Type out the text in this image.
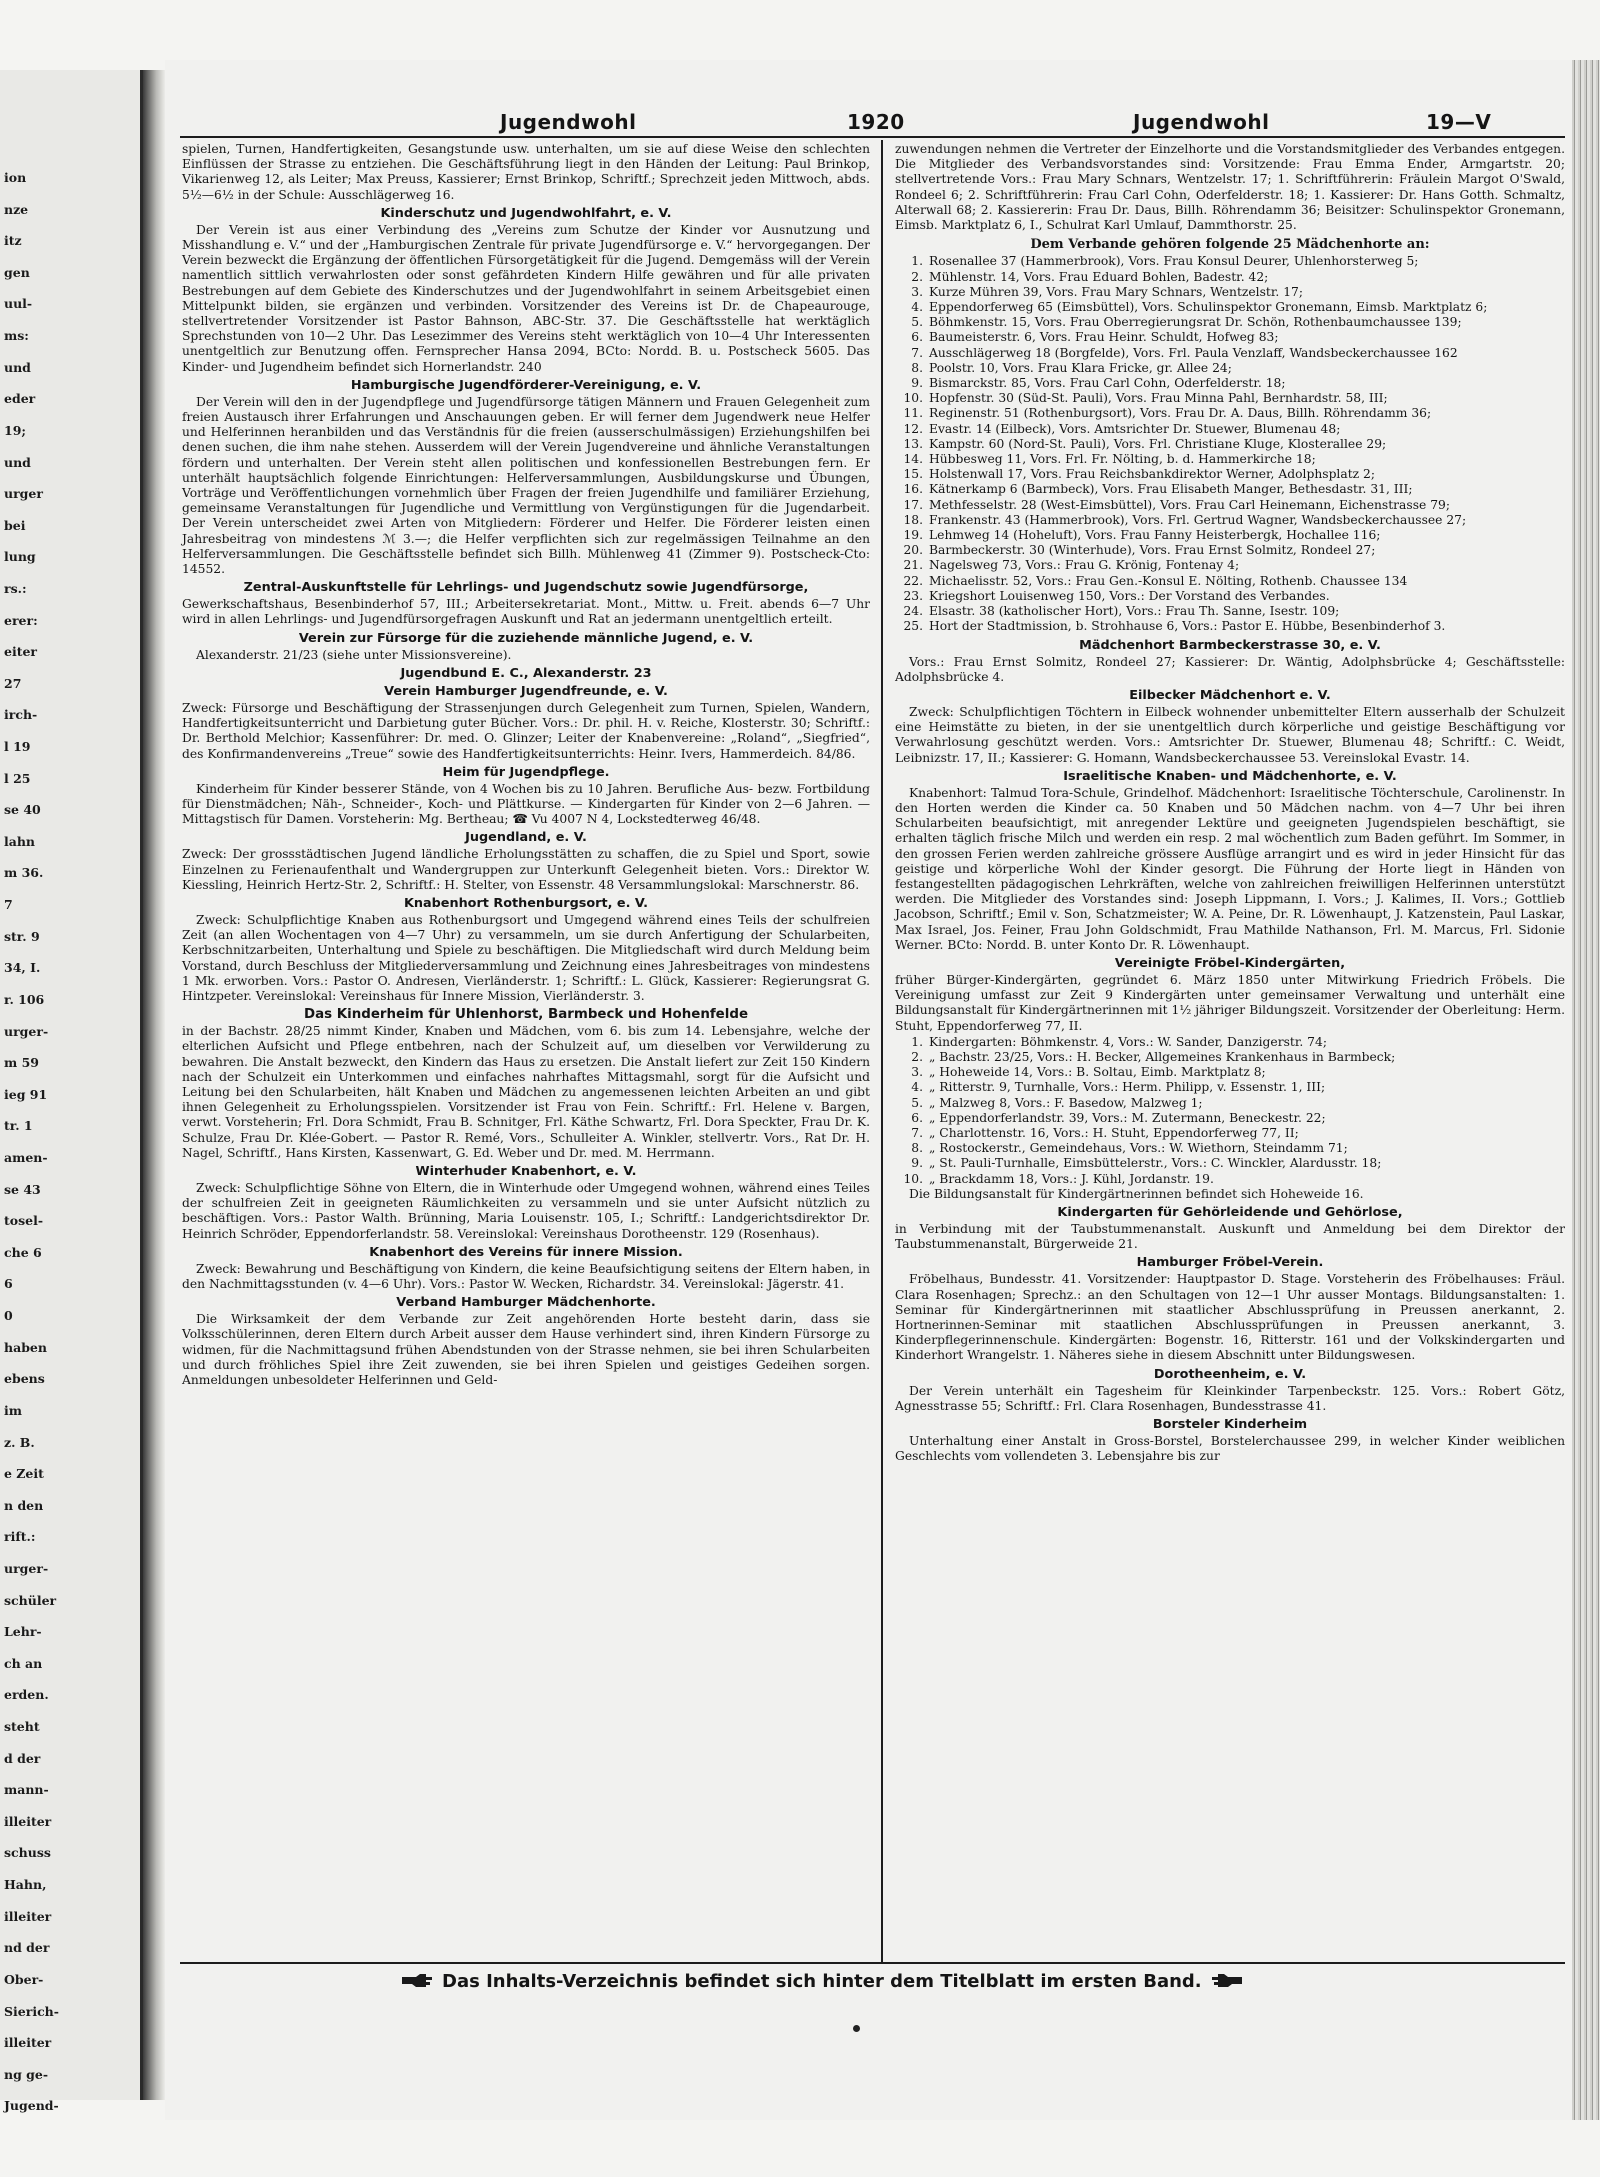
ion
nze
itz
gen
uul-
ms:
und
eder
19;
und
urger
bei
lung
rs.:
erer:
eiter
27
irch-
l 19
l 25
se 40
lahn
m 36.
7
str. 9
34, I.
r. 106
urger-
m 59
ieg 91
tr. 1
amen-
se 43
tosel-
che 6
6
0
haben
ebens
im
z. B.
e Zeit
n den
rift.:
urger-
schüler
Lehr-
ch an
erden.
steht
d der
mann-
illeiter
schuss
Hahn,
illeiter
nd der
Ober-
Sierich-
illeiter
ng ge-
Jugend-
Jugendwohl	1920	Jugendwohl	19—V

spielen, Turnen, Handfertigkeiten, Gesangstunde usw. unterhalten, um sie auf diese Weise den schlechten Einflüssen der Strasse zu entziehen. Die Geschäftsführung liegt in den Händen der Leitung: Paul Brinkop, Vikarienweg 12, als Leiter; Max Preuss, Kassierer; Ernst Brinkop, Schriftf.; Sprechzeit jeden Mittwoch, abds. 5½—6½ in der Schule: Ausschlägerweg 16.

Kinderschutz und Jugendwohlfahrt, e. V.

Der Verein ist aus einer Verbindung des „Vereins zum Schutze der Kinder vor Ausnutzung und Misshandlung e. V.“ und der „Hamburgischen Zentrale für private Jugendfürsorge e. V.“ hervorgegangen. Der Verein bezweckt die Ergänzung der öffentlichen Fürsorgetätigkeit für die Jugend. Demgemäss will der Verein namentlich sittlich verwahrlosten oder sonst gefährdeten Kindern Hilfe gewähren und für alle privaten Bestrebungen auf dem Gebiete des Kinderschutzes und der Jugendwohlfahrt in seinem Arbeitsgebiet einen Mittelpunkt bilden, sie ergänzen und verbinden. Vorsitzender des Vereins ist Dr. de Chapeaurouge, stellvertretender Vorsitzender ist Pastor Bahnson, ABC-Str. 37. Die Geschäftsstelle hat werktäglich Sprechstunden von 10—2 Uhr. Das Lesezimmer des Vereins steht werktäglich von 10—4 Uhr Interessenten unentgeltlich zur Benutzung offen. Fernsprecher Hansa 2094, BCto: Nordd. B. u. Postscheck 5605. Das Kinder- und Jugendheim befindet sich Hornerlandstr. 240

Hamburgische Jugendförderer-Vereinigung, e. V.

Der Verein will den in der Jugendpflege und Jugendfürsorge tätigen Männern und Frauen Gelegenheit zum freien Austausch ihrer Erfahrungen und Anschauungen geben. Er will ferner dem Jugendwerk neue Helfer und Helferinnen heranbilden und das Verständnis für die freien (ausserschulmässigen) Erziehungshilfen bei denen suchen, die ihm nahe stehen. Ausserdem will der Verein Jugendvereine und ähnliche Veranstaltungen fördern und unterhalten. Der Verein steht allen politischen und konfessionellen Bestrebungen fern. Er unterhält hauptsächlich folgende Einrichtungen: Helferversammlungen, Ausbildungskurse und Übungen, Vorträge und Veröffentlichungen vornehmlich über Fragen der freien Jugendhilfe und familiärer Erziehung, gemeinsame Veranstaltungen für Jugendliche und Vermittlung von Vergünstigungen für die Jugendarbeit. Der Verein unterscheidet zwei Arten von Mitgliedern: Förderer und Helfer. Die Förderer leisten einen Jahresbeitrag von mindestens ℳ 3.—; die Helfer verpflichten sich zur regelmässigen Teilnahme an den Helferversammlungen. Die Geschäftsstelle befindet sich Billh. Mühlenweg 41 (Zimmer 9). Postscheck-Cto: 14552.

Zentral-Auskunftstelle für Lehrlings- und Jugendschutz sowie Jugendfürsorge,

Gewerkschaftshaus, Besenbinderhof 57, III.; Arbeitersekretariat. Mont., Mittw. u. Freit. abends 6—7 Uhr wird in allen Lehrlings- und Jugendfürsorgefragen Auskunft und Rat an jedermann unentgeltlich erteilt.

Verein zur Fürsorge für die zuziehende männliche Jugend, e. V.

Alexanderstr. 21/23 (siehe unter Missionsvereine).

Jugendbund E. C., Alexanderstr. 23
Verein Hamburger Jugendfreunde, e. V.

Zweck: Fürsorge und Beschäftigung der Strassenjungen durch Gelegenheit zum Turnen, Spielen, Wandern, Handfertigkeitsunterricht und Darbietung guter Bücher. Vors.: Dr. phil. H. v. Reiche, Klosterstr. 30; Schriftf.: Dr. Berthold Melchior; Kassenführer: Dr. med. O. Glinzer; Leiter der Knabenvereine: „Roland“, „Siegfried“, des Konfirmandenvereins „Treue“ sowie des Handfertigkeitsunterrichts: Heinr. Ivers, Hammerdeich. 84/86.

Heim für Jugendpflege.

Kinderheim für Kinder besserer Stände, von 4 Wochen bis zu 10 Jahren. Berufliche Aus- bezw. Fortbildung für Dienstmädchen; Näh-, Schneider-, Koch- und Plättkurse. — Kindergarten für Kinder von 2—6 Jahren. — Mittagstisch für Damen. Vorsteherin: Mg. Bertheau; ☎ Vu 4007 N 4, Lockstedterweg 46/48.

Jugendland, e. V.

Zweck: Der grossstädtischen Jugend ländliche Erholungsstätten zu schaffen, die zu Spiel und Sport, sowie Einzelnen zu Ferienaufenthalt und Wandergruppen zur Unterkunft Gelegenheit bieten. Vors.: Direktor W. Kiessling, Heinrich Hertz-Str. 2, Schriftf.: H. Stelter, von Essenstr. 48 Versammlungslokal: Marschnerstr. 86.

Knabenhort Rothenburgsort, e. V.

Zweck: Schulpflichtige Knaben aus Rothenburgsort und Umgegend während eines Teils der schulfreien Zeit (an allen Wochentagen von 4—7 Uhr) zu versammeln, um sie durch Anfertigung der Schularbeiten, Kerbschnitzarbeiten, Unterhaltung und Spiele zu beschäftigen. Die Mitgliedschaft wird durch Meldung beim Vorstand, durch Beschluss der Mitgliederversammlung und Zeichnung eines Jahresbeitrages von mindestens 1 Mk. erworben. Vors.: Pastor O. Andresen, Vierländerstr. 1; Schriftf.: L. Glück, Kassierer: Regierungsrat G. Hintzpeter. Vereinslokal: Vereinshaus für Innere Mission, Vierländerstr. 3.

Das Kinderheim für Uhlenhorst, Barmbeck und Hohenfelde

in der Bachstr. 28/25 nimmt Kinder, Knaben und Mädchen, vom 6. bis zum 14. Lebensjahre, welche der elterlichen Aufsicht und Pflege entbehren, nach der Schulzeit auf, um dieselben vor Verwilderung zu bewahren. Die Anstalt bezweckt, den Kindern das Haus zu ersetzen. Die Anstalt liefert zur Zeit 150 Kindern nach der Schulzeit ein Unterkommen und einfaches nahrhaftes Mittagsmahl, sorgt für die Aufsicht und Leitung bei den Schularbeiten, hält Knaben und Mädchen zu angemessenen leichten Arbeiten an und gibt ihnen Gelegenheit zu Erholungsspielen. Vorsitzender ist Frau von Fein. Schriftf.: Frl. Helene v. Bargen, verwt. Vorsteherin; Frl. Dora Schmidt, Frau B. Schnitger, Frl. Käthe Schwartz, Frl. Dora Speckter, Frau Dr. K. Schulze, Frau Dr. Klée-Gobert. — Pastor R. Remé, Vors., Schulleiter A. Winkler, stellvertr. Vors., Rat Dr. H. Nagel, Schriftf., Hans Kirsten, Kassenwart, G. Ed. Weber und Dr. med. M. Herrmann.

Winterhuder Knabenhort, e. V.

Zweck: Schulpflichtige Söhne von Eltern, die in Winterhude oder Umgegend wohnen, während eines Teiles der schulfreien Zeit in geeigneten Räumlichkeiten zu versammeln und sie unter Aufsicht nützlich zu beschäftigen. Vors.: Pastor Walth. Brünning, Maria Louisenstr. 105, I.; Schriftf.: Landgerichtsdirektor Dr. Heinrich Schröder, Eppendorferlandstr. 58. Vereinslokal: Vereinshaus Dorotheenstr. 129 (Rosenhaus).

Knabenhort des Vereins für innere Mission.

Zweck: Bewahrung und Beschäftigung von Kindern, die keine Beaufsichtigung seitens der Eltern haben, in den Nachmittagsstunden (v. 4—6 Uhr). Vors.: Pastor W. Wecken, Richardstr. 34. Vereinslokal: Jägerstr. 41.

Verband Hamburger Mädchenhorte.

Die Wirksamkeit der dem Verbande zur Zeit angehörenden Horte besteht darin, dass sie Volksschülerinnen, deren Eltern durch Arbeit ausser dem Hause verhindert sind, ihren Kindern Fürsorge zu widmen, für die Nachmittagsund frühen Abendstunden von der Strasse nehmen, sie bei ihren Schularbeiten und durch fröhliches Spiel ihre Zeit zuwenden, sie bei ihren Spielen und geistiges Gedeihen sorgen. Anmeldungen unbesoldeter Helferinnen und Geld-

zuwendungen nehmen die Vertreter der Einzelhorte und die Vorstandsmitglieder des Verbandes entgegen. Die Mitglieder des Verbandsvorstandes sind: Vorsitzende: Frau Emma Ender, Armgartstr. 20; stellvertretende Vors.: Frau Mary Schnars, Wentzelstr. 17; 1. Schriftführerin: Fräulein Margot O'Swald, Rondeel 6; 2. Schriftführerin: Frau Carl Cohn, Oderfelderstr. 18; 1. Kassierer: Dr. Hans Gotth. Schmaltz, Alterwall 68; 2. Kassiererin: Frau Dr. Daus, Billh. Röhrendamm 36; Beisitzer: Schulinspektor Gronemann, Eimsb. Marktplatz 6, I., Schulrat Karl Umlauf, Dammthorstr. 25.

Dem Verbande gehören folgende 25 Mädchenhorte an:

1. Rosenallee 37 (Hammerbrook), Vors. Frau Konsul Deurer, Uhlenhorsterweg 5;
2. Mühlenstr. 14, Vors. Frau Eduard Bohlen, Badestr. 42;
3. Kurze Mühren 39, Vors. Frau Mary Schnars, Wentzelstr. 17;
4. Eppendorferweg 65 (Eimsbüttel), Vors. Schulinspektor Gronemann, Eimsb. Marktplatz 6;
5. Böhmkenstr. 15, Vors. Frau Oberregierungsrat Dr. Schön, Rothenbaumchaussee 139;
6. Baumeisterstr. 6, Vors. Frau Heinr. Schuldt, Hofweg 83;
7. Ausschlägerweg 18 (Borgfelde), Vors. Frl. Paula Venzlaff, Wandsbeckerchaussee 162
8. Poolstr. 10, Vors. Frau Klara Fricke, gr. Allee 24;
9. Bismarckstr. 85, Vors. Frau Carl Cohn, Oderfelderstr. 18;
10. Hopfenstr. 30 (Süd-St. Pauli), Vors. Frau Minna Pahl, Bernhardstr. 58, III;
11. Reginenstr. 51 (Rothenburgsort), Vors. Frau Dr. A. Daus, Billh. Röhrendamm 36;
12. Evastr. 14 (Eilbeck), Vors. Amtsrichter Dr. Stuewer, Blumenau 48;
13. Kampstr. 60 (Nord-St. Pauli), Vors. Frl. Christiane Kluge, Klosterallee 29;
14. Hübbesweg 11, Vors. Frl. Fr. Nölting, b. d. Hammerkirche 18;
15. Holstenwall 17, Vors. Frau Reichsbankdirektor Werner, Adolphsplatz 2;
16. Kätnerkamp 6 (Barmbeck), Vors. Frau Elisabeth Manger, Bethesdastr. 31, III;
17. Methfesselstr. 28 (West-Eimsbüttel), Vors. Frau Carl Heinemann, Eichenstrasse 79;
18. Frankenstr. 43 (Hammerbrook), Vors. Frl. Gertrud Wagner, Wandsbeckerchaussee 27;
19. Lehmweg 14 (Hoheluft), Vors. Frau Fanny Heisterbergk, Hochallee 116;
20. Barmbeckerstr. 30 (Winterhude), Vors. Frau Ernst Solmitz, Rondeel 27;
21. Nagelsweg 73, Vors.: Frau G. Krönig, Fontenay 4;
22. Michaelisstr. 52, Vors.: Frau Gen.-Konsul E. Nölting, Rothenb. Chaussee 134
23. Kriegshort Louisenweg 150, Vors.: Der Vorstand des Verbandes.
24. Elsastr. 38 (katholischer Hort), Vors.: Frau Th. Sanne, Isestr. 109;
25. Hort der Stadtmission, b. Strohhause 6, Vors.: Pastor E. Hübbe, Besenbinderhof 3.
Mädchenhort Barmbeckerstrasse 30, e. V.

Vors.: Frau Ernst Solmitz, Rondeel 27; Kassierer: Dr. Wäntig, Adolphsbrücke 4; Geschäftsstelle: Adolphsbrücke 4.

Eilbecker Mädchenhort e. V.

Zweck: Schulpflichtigen Töchtern in Eilbeck wohnender unbemittelter Eltern ausserhalb der Schulzeit eine Heimstätte zu bieten, in der sie unentgeltlich durch körperliche und geistige Beschäftigung vor Verwahrlosung geschützt werden. Vors.: Amtsrichter Dr. Stuewer, Blumenau 48; Schriftf.: C. Weidt, Leibnizstr. 17, II.; Kassierer: G. Homann, Wandsbeckerchaussee 53. Vereinslokal Evastr. 14.

Israelitische Knaben- und Mädchenhorte, e. V.

Knabenhort: Talmud Tora-Schule, Grindelhof. Mädchenhort: Israelitische Töchterschule, Carolinenstr. In den Horten werden die Kinder ca. 50 Knaben und 50 Mädchen nachm. von 4—7 Uhr bei ihren Schularbeiten beaufsichtigt, mit anregender Lektüre und geeigneten Jugendspielen beschäftigt, sie erhalten täglich frische Milch und werden ein resp. 2 mal wöchentlich zum Baden geführt. Im Sommer, in den grossen Ferien werden zahlreiche grössere Ausflüge arrangirt und es wird in jeder Hinsicht für das geistige und körperliche Wohl der Kinder gesorgt. Die Führung der Horte liegt in Händen von festangestellten pädagogischen Lehrkräften, welche von zahlreichen freiwilligen Helferinnen unterstützt werden. Die Mitglieder des Vorstandes sind: Joseph Lippmann, I. Vors.; J. Kalimes, II. Vors.; Gottlieb Jacobson, Schriftf.; Emil v. Son, Schatzmeister; W. A. Peine, Dr. R. Löwenhaupt, J. Katzenstein, Paul Laskar, Max Israel, Jos. Feiner, Frau John Goldschmidt, Frau Mathilde Nathanson, Frl. M. Marcus, Frl. Sidonie Werner. BCto: Nordd. B. unter Konto Dr. R. Löwenhaupt.

Vereinigte Fröbel-Kindergärten,

früher Bürger-Kindergärten, gegründet 6. März 1850 unter Mitwirkung Friedrich Fröbels. Die Vereinigung umfasst zur Zeit 9 Kindergärten unter gemeinsamer Verwaltung und unterhält eine Bildungsanstalt für Kindergärtnerinnen mit 1½ jähriger Bildungszeit. Vorsitzender der Oberleitung: Herm. Stuht, Eppendorferweg 77, II.

1. Kindergarten: Böhmkenstr. 4, Vors.: W. Sander, Danzigerstr. 74;
2. „ Bachstr. 23/25, Vors.: H. Becker, Allgemeines Krankenhaus in Barmbeck;
3. „ Hoheweide 14, Vors.: B. Soltau, Eimb. Marktplatz 8;
4. „ Ritterstr. 9, Turnhalle, Vors.: Herm. Philipp, v. Essenstr. 1, III;
5. „ Malzweg 8, Vors.: F. Basedow, Malzweg 1;
6. „ Eppendorferlandstr. 39, Vors.: M. Zutermann, Beneckestr. 22;
7. „ Charlottenstr. 16, Vors.: H. Stuht, Eppendorferweg 77, II;
8. „ Rostockerstr., Gemeindehaus, Vors.: W. Wiethorn, Steindamm 71;
9. „ St. Pauli-Turnhalle, Eimsbüttelerstr., Vors.: C. Winckler, Alardusstr. 18;
10. „ Brackdamm 18, Vors.: J. Kühl, Jordanstr. 19.

Die Bildungsanstalt für Kindergärtnerinnen befindet sich Hoheweide 16.

Kindergarten für Gehörleidende und Gehörlose,

in Verbindung mit der Taubstummenanstalt. Auskunft und Anmeldung bei dem Direktor der Taubstummenanstalt, Bürgerweide 21.

Hamburger Fröbel-Verein.

Fröbelhaus, Bundesstr. 41. Vorsitzender: Hauptpastor D. Stage. Vorsteherin des Fröbelhauses: Fräul. Clara Rosenhagen; Sprechz.: an den Schultagen von 12—1 Uhr ausser Montags. Bildungsanstalten: 1. Seminar für Kindergärtnerinnen mit staatlicher Abschlussprüfung in Preussen anerkannt, 2. Hortnerinnen-Seminar mit staatlichen Abschlussprüfungen in Preussen anerkannt, 3. Kinderpflegerinnenschule. Kindergärten: Bogenstr. 16, Ritterstr. 161 und der Volkskindergarten und Kinderhort Wrangelstr. 1. Näheres siehe in diesem Abschnitt unter Bildungswesen.

Dorotheenheim, e. V.

Der Verein unterhält ein Tagesheim für Kleinkinder Tarpenbeckstr. 125. Vors.: Robert Götz, Agnesstrasse 55; Schriftf.: Frl. Clara Rosenhagen, Bundesstrasse 41.

Borsteler Kinderheim

Unterhaltung einer Anstalt in Gross-Borstel, Borstelerchaussee 299, in welcher Kinder weiblichen Geschlechts vom vollendeten 3. Lebensjahre bis zur

Das Inhalts-Verzeichnis befindet sich hinter dem Titelblatt im ersten Band.
